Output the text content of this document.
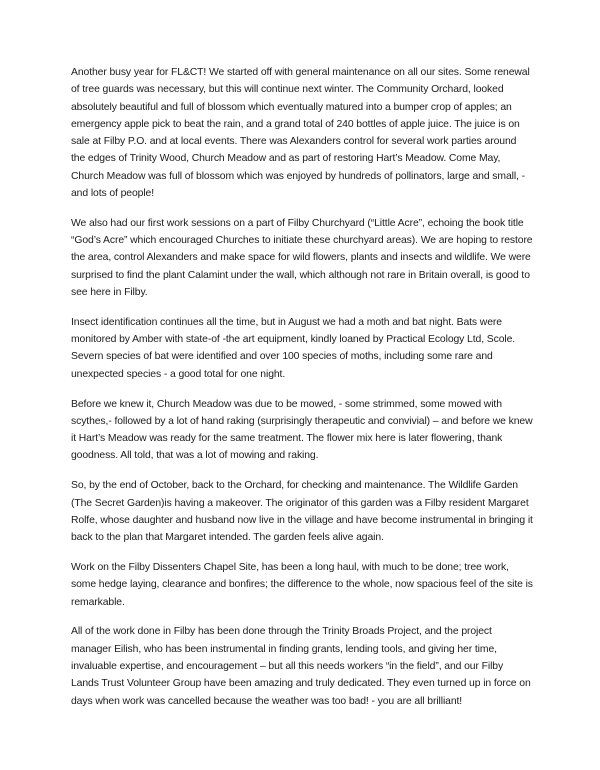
Another busy year for FL&CT! We started off with general maintenance on all our sites. Some renewal of tree guards was necessary, but this will continue next winter. The Community Orchard, looked absolutely beautiful and full of blossom which eventually matured into a bumper crop of apples; an emergency apple pick to beat the rain, and a grand total of 240 bottles of apple juice. The juice is on sale at Filby P.O. and at local events. There was Alexanders control for several work parties around the edges of Trinity Wood, Church Meadow and as part of restoring Hart’s Meadow. Come May, Church Meadow was full of blossom which was enjoyed by hundreds of pollinators, large and small, - and lots of people!

We also had our first work sessions on a part of Filby Churchyard (“Little Acre”, echoing the book title “God’s Acre” which encouraged Churches to initiate these churchyard areas). We are hoping to restore the area, control Alexanders and make space for wild flowers, plants and insects and wildlife. We were surprised to find the plant Calamint under the wall, which although not rare in Britain overall, is good to see here in Filby.

Insect identification continues all the time, but in August we had a moth and bat night. Bats were monitored by Amber with state-of -the art equipment, kindly loaned by Practical Ecology Ltd, Scole. Severn species of bat were identified and over 100 species of moths, including some rare and unexpected species - a good total for one night.

Before we knew it, Church Meadow was due to be mowed, - some strimmed, some mowed with scythes,- followed by a lot of hand raking (surprisingly therapeutic and convivial) – and before we knew it Hart’s Meadow was ready for the same treatment. The flower mix here is later flowering, thank goodness. All told, that was a lot of mowing and raking.

So, by the end of October, back to the Orchard, for checking and maintenance. The Wildlife Garden (The Secret Garden)is having a makeover. The originator of this garden was a Filby resident Margaret Rolfe, whose daughter and husband now live in the village and have become instrumental in bringing it back to the plan that Margaret intended. The garden feels alive again.

Work on the Filby Dissenters Chapel Site, has been a long haul, with much to be done; tree work, some hedge laying, clearance and bonfires; the difference to the whole, now spacious feel of the site is remarkable.

All of the work done in Filby has been done through the Trinity Broads Project, and the project manager Eilish, who has been instrumental in finding grants, lending tools, and giving her time, invaluable expertise, and encouragement – but all this needs workers “in the field”, and our Filby Lands Trust Volunteer Group have been amazing and truly dedicated. They even turned up in force on days when work was cancelled because the weather was too bad! - you are all brilliant!
